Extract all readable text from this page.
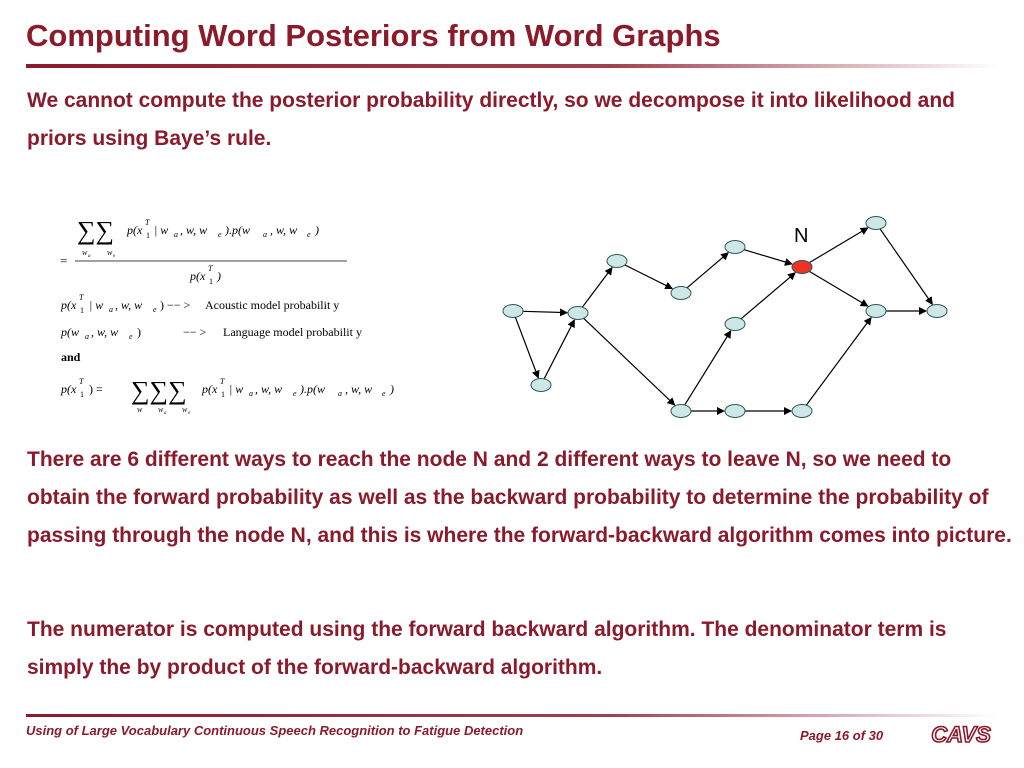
Computing Word Posteriors from Word Graphs
We cannot compute the posterior probability directly, so we decompose it into likelihood and priors using Baye’s rule.
∑∑
w a w e
p(x 1
T
| w a , w, w e ).p(w a , w, w e )
=
p(x 1
T
)
p(x 1
T
| w a , w, w e ) −− > Acoustic model probabilit y
p(w a , w, w e )	−− > Language model probabilit y
and
p(x 1
T
) = ∑∑∑
w w a w e
p(x 1
T
| w a , w, w e ).p(w a , w, w e )
N
There are 6 different ways to reach the node N and 2 different ways to leave N, so we need to obtain the forward probability as well as the backward probability to determine the probability of passing through the node N, and this is where the forward-backward algorithm comes into picture.
The numerator is computed using the forward backward algorithm. The denominator term is simply the by product of the forward-backward algorithm.
Using of Large Vocabulary Continuous Speech Recognition to Fatigue Detection	Page 16 of 30 CAVS
